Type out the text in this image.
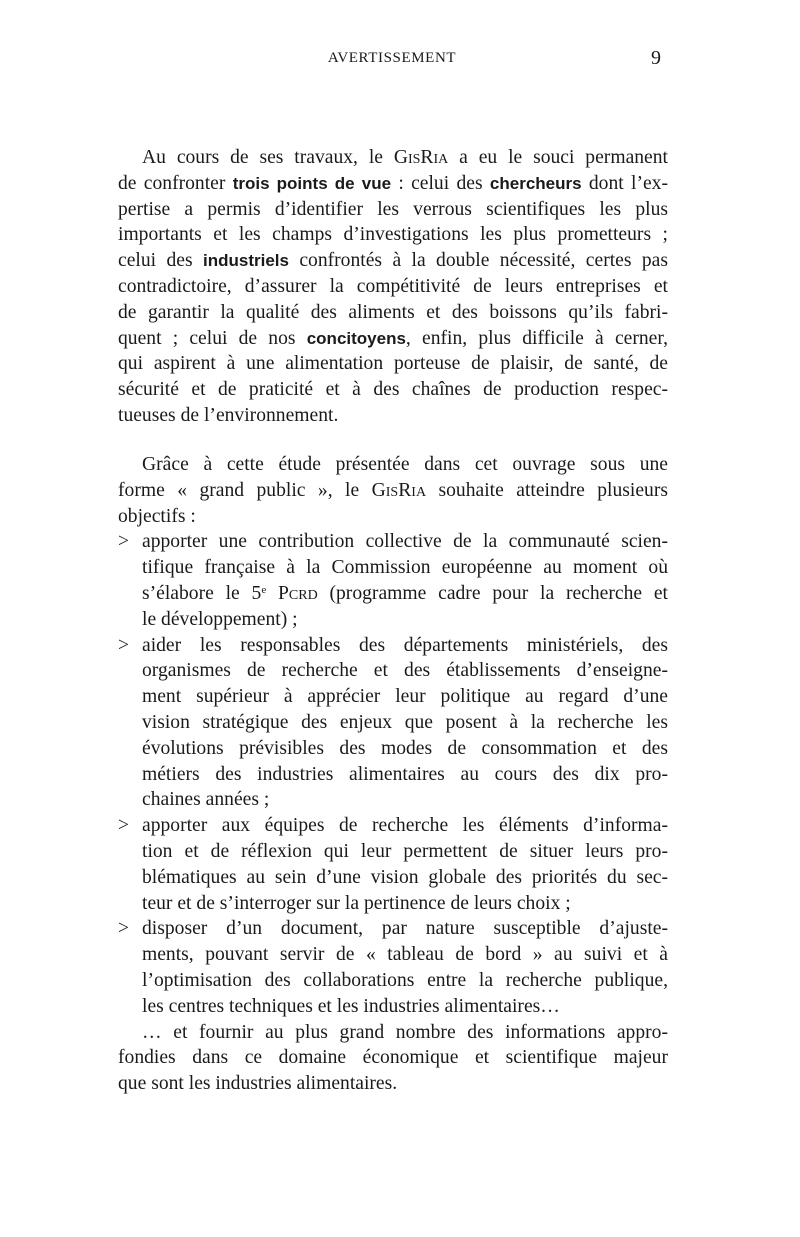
AVERTISSEMENT	9
Au cours de ses travaux, le GisRia a eu le souci permanent
de confronter trois points de vue : celui des chercheurs dont l’ex-
pertise a permis d’identifier les verrous scientifiques les plus
importants et les champs d’investigations les plus prometteurs ;
celui des industriels confrontés à la double nécessité, certes pas
contradictoire, d’assurer la compétitivité de leurs entreprises et
de garantir la qualité des aliments et des boissons qu’ils fabri-
quent ; celui de nos concitoyens, enfin, plus difficile à cerner,
qui aspirent à une alimentation porteuse de plaisir, de santé, de
sécurité et de praticité et à des chaînes de production respec-
tueuses de l’environnement.
Grâce à cette étude présentée dans cet ouvrage sous une
forme « grand public », le GisRia souhaite atteindre plusieurs
objectifs :
> apporter une contribution collective de la communauté scien-
tifique française à la Commission européenne au moment où
s’élabore le 5e Pcrd (programme cadre pour la recherche et
le développement) ;
> aider les responsables des départements ministériels, des
organismes de recherche et des établissements d’enseigne-
ment supérieur à apprécier leur politique au regard d’une
vision stratégique des enjeux que posent à la recherche les
évolutions prévisibles des modes de consommation et des
métiers des industries alimentaires au cours des dix pro-
chaines années ;
> apporter aux équipes de recherche les éléments d’informa-
tion et de réflexion qui leur permettent de situer leurs pro-
blématiques au sein d’une vision globale des priorités du sec-
teur et de s’interroger sur la pertinence de leurs choix ;
> disposer d’un document, par nature susceptible d’ajuste-
ments, pouvant servir de « tableau de bord » au suivi et à
l’optimisation des collaborations entre la recherche publique,
les centres techniques et les industries alimentaires…
… et fournir au plus grand nombre des informations appro-
fondies dans ce domaine économique et scientifique majeur
que sont les industries alimentaires.
